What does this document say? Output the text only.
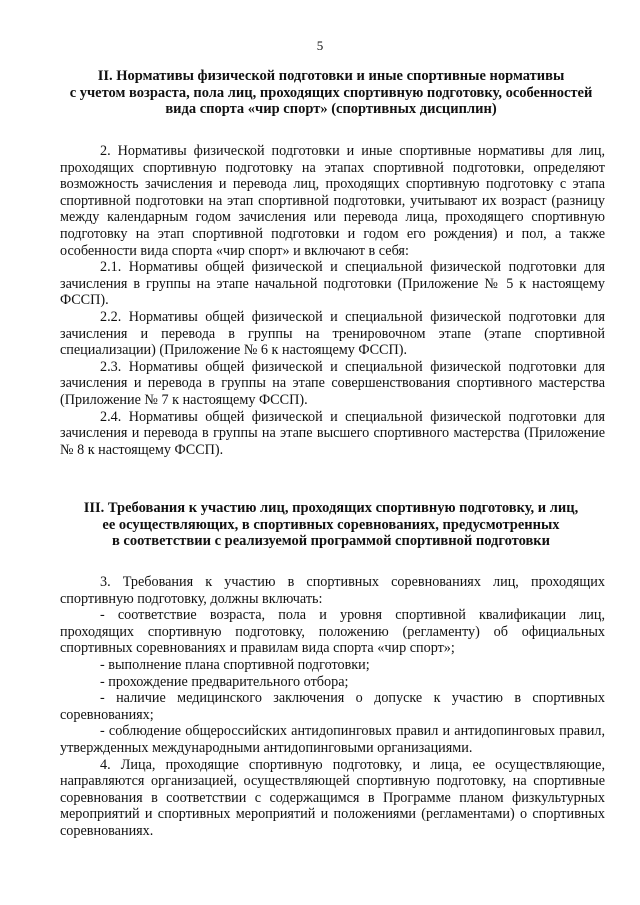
5
II. Нормативы физической подготовки и иные спортивные нормативы
с учетом возраста, пола лиц, проходящих спортивную подготовку, особенностей
вида спорта «чир спорт» (спортивных дисциплин)

2. Нормативы физической подготовки и иные спортивные нормативы для лиц, проходящих спортивную подготовку на этапах спортивной подготовки, определяют возможность зачисления и перевода лиц, проходящих спортивную подготовку с этапа спортивной подготовки на этап спортивной подготовки, учитывают их возраст (разницу между календарным годом зачисления или перевода лица, проходящего спортивную подготовку на этап спортивной подготовки и годом его рождения) и пол, а также особенности вида спорта «чир спорт» и включают в себя:

2.1. Нормативы общей физической и специальной физической подготовки для зачисления в группы на этапе начальной подготовки (Приложение № 5 к настоящему ФССП).

2.2. Нормативы общей физической и специальной физической подготовки для зачисления и перевода в группы на тренировочном этапе (этапе спортивной специализации) (Приложение № 6 к настоящему ФССП).

2.3. Нормативы общей физической и специальной физической подготовки для зачисления и перевода в группы на этапе совершенствования спортивного мастерства (Приложение № 7 к настоящему ФССП).

2.4. Нормативы общей физической и специальной физической подготовки для зачисления и перевода в группы на этапе высшего спортивного мастерства (Приложение № 8 к настоящему ФССП).

III. Требования к участию лиц, проходящих спортивную подготовку, и лиц,
ее осуществляющих, в спортивных соревнованиях, предусмотренных
в соответствии с реализуемой программой спортивной подготовки

3. Требования к участию в спортивных соревнованиях лиц, проходящих спортивную подготовку, должны включать:

- соответствие возраста, пола и уровня спортивной квалификации лиц, проходящих спортивную подготовку, положению (регламенту) об официальных спортивных соревнованиях и правилам вида спорта «чир спорт»;

- выполнение плана спортивной подготовки;

- прохождение предварительного отбора;

- наличие медицинского заключения о допуске к участию в спортивных соревнованиях;

- соблюдение общероссийских антидопинговых правил и антидопинговых правил, утвержденных международными антидопинговыми организациями.

4. Лица, проходящие спортивную подготовку, и лица, ее осуществляющие, направляются организацией, осуществляющей спортивную подготовку, на спортивные соревнования в соответствии с содержащимся в Программе планом физкультурных мероприятий и спортивных мероприятий и положениями (регламентами) о спортивных соревнованиях.
